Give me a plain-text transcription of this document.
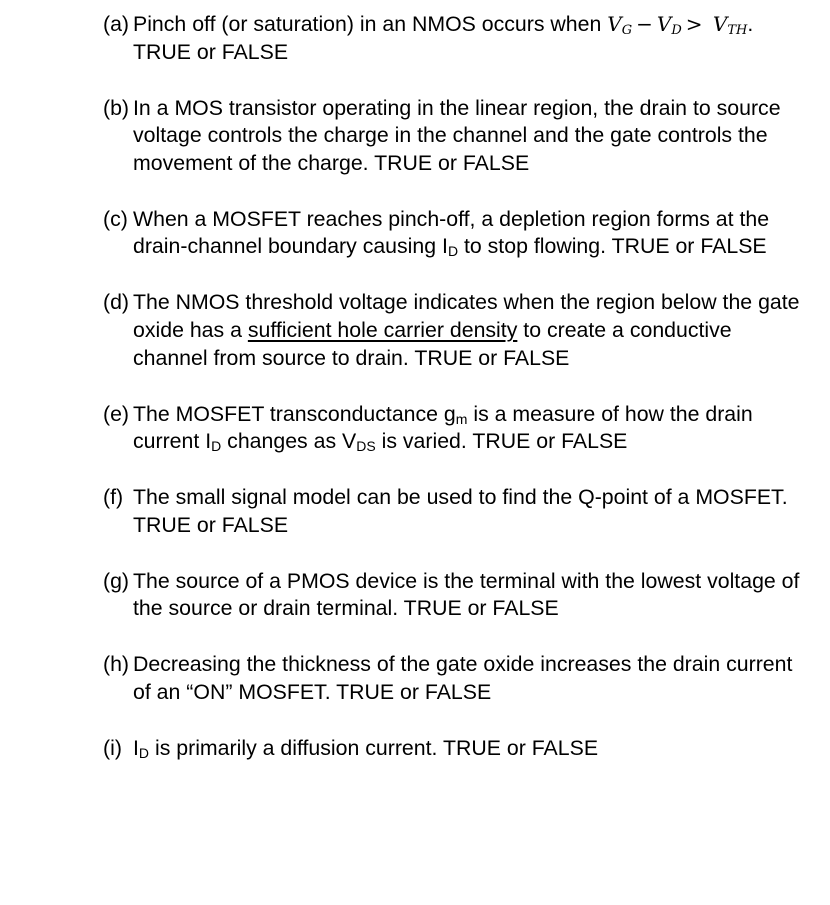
(a) Pinch off (or saturation) in an NMOS occurs when $V_G - V_D > V_{TH}$. TRUE or FALSE
(b) In a MOS transistor operating in the linear region, the drain to source voltage controls the charge in the channel and the gate controls the movement of the charge. TRUE or FALSE
(c) When a MOSFET reaches pinch-off, a depletion region forms at the drain-channel boundary causing $I_D$ to stop flowing. TRUE or FALSE
(d) The NMOS threshold voltage indicates when the region below the gate oxide has a sufficient hole carrier density to create a conductive channel from source to drain. TRUE or FALSE
(e) The MOSFET transconductance $g_m$ is a measure of how the drain current $I_D$ changes as $V_{DS}$ is varied. TRUE or FALSE
(f) The small signal model can be used to find the Q-point of a MOSFET. TRUE or FALSE
(g) The source of a PMOS device is the terminal with the lowest voltage of the source or drain terminal. TRUE or FALSE
(h) Decreasing the thickness of the gate oxide increases the drain current of an “ON” MOSFET. TRUE or FALSE
(i) $I_D$ is primarily a diffusion current. TRUE or FALSE
